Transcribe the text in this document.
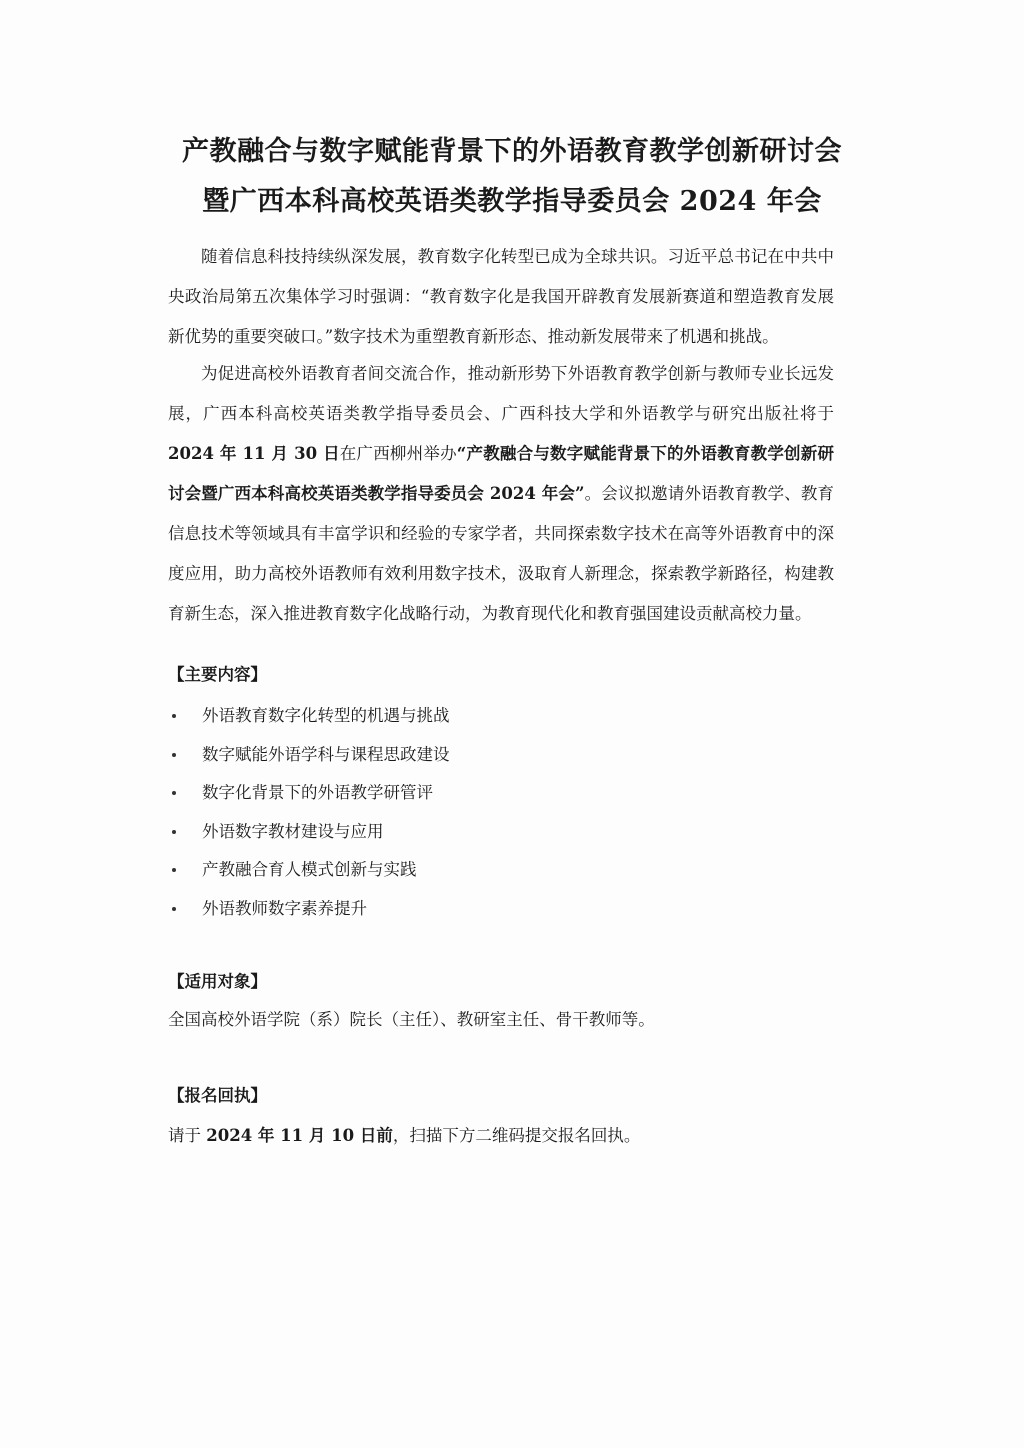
产教融合与数字赋能背景下的外语教育教学创新研讨会
暨广西本科高校英语类教学指导委员会 2024 年会

随着信息科技持续纵深发展，教育数字化转型已成为全球共识。习近平总书记在中共中央政治局第五次集体学习时强调：“教育数字化是我国开辟教育发展新赛道和塑造教育发展新优势的重要突破口。”数字技术为重塑教育新形态、推动新发展带来了机遇和挑战。

为促进高校外语教育者间交流合作，推动新形势下外语教育教学创新与教师专业长远发展，广西本科高校英语类教学指导委员会、广西科技大学和外语教学与研究出版社将于 2024 年 11 月 30 日在广西柳州举办“产教融合与数字赋能背景下的外语教育教学创新研讨会暨广西本科高校英语类教学指导委员会 2024 年会”。会议拟邀请外语教育教学、教育信息技术等领域具有丰富学识和经验的专家学者，共同探索数字技术在高等外语教育中的深度应用，助力高校外语教师有效利用数字技术，汲取育人新理念，探索教学新路径，构建教育新生态，深入推进教育数字化战略行动，为教育现代化和教育强国建设贡献高校力量。

【主要内容】
外语教育数字化转型的机遇与挑战
数字赋能外语学科与课程思政建设
数字化背景下的外语教学研管评
外语数字教材建设与应用
产教融合育人模式创新与实践
外语教师数字素养提升
【适用对象】
全国高校外语学院（系）院长（主任）、教研室主任、骨干教师等。
【报名回执】
请于 2024 年 11 月 10 日前，扫描下方二维码提交报名回执。
